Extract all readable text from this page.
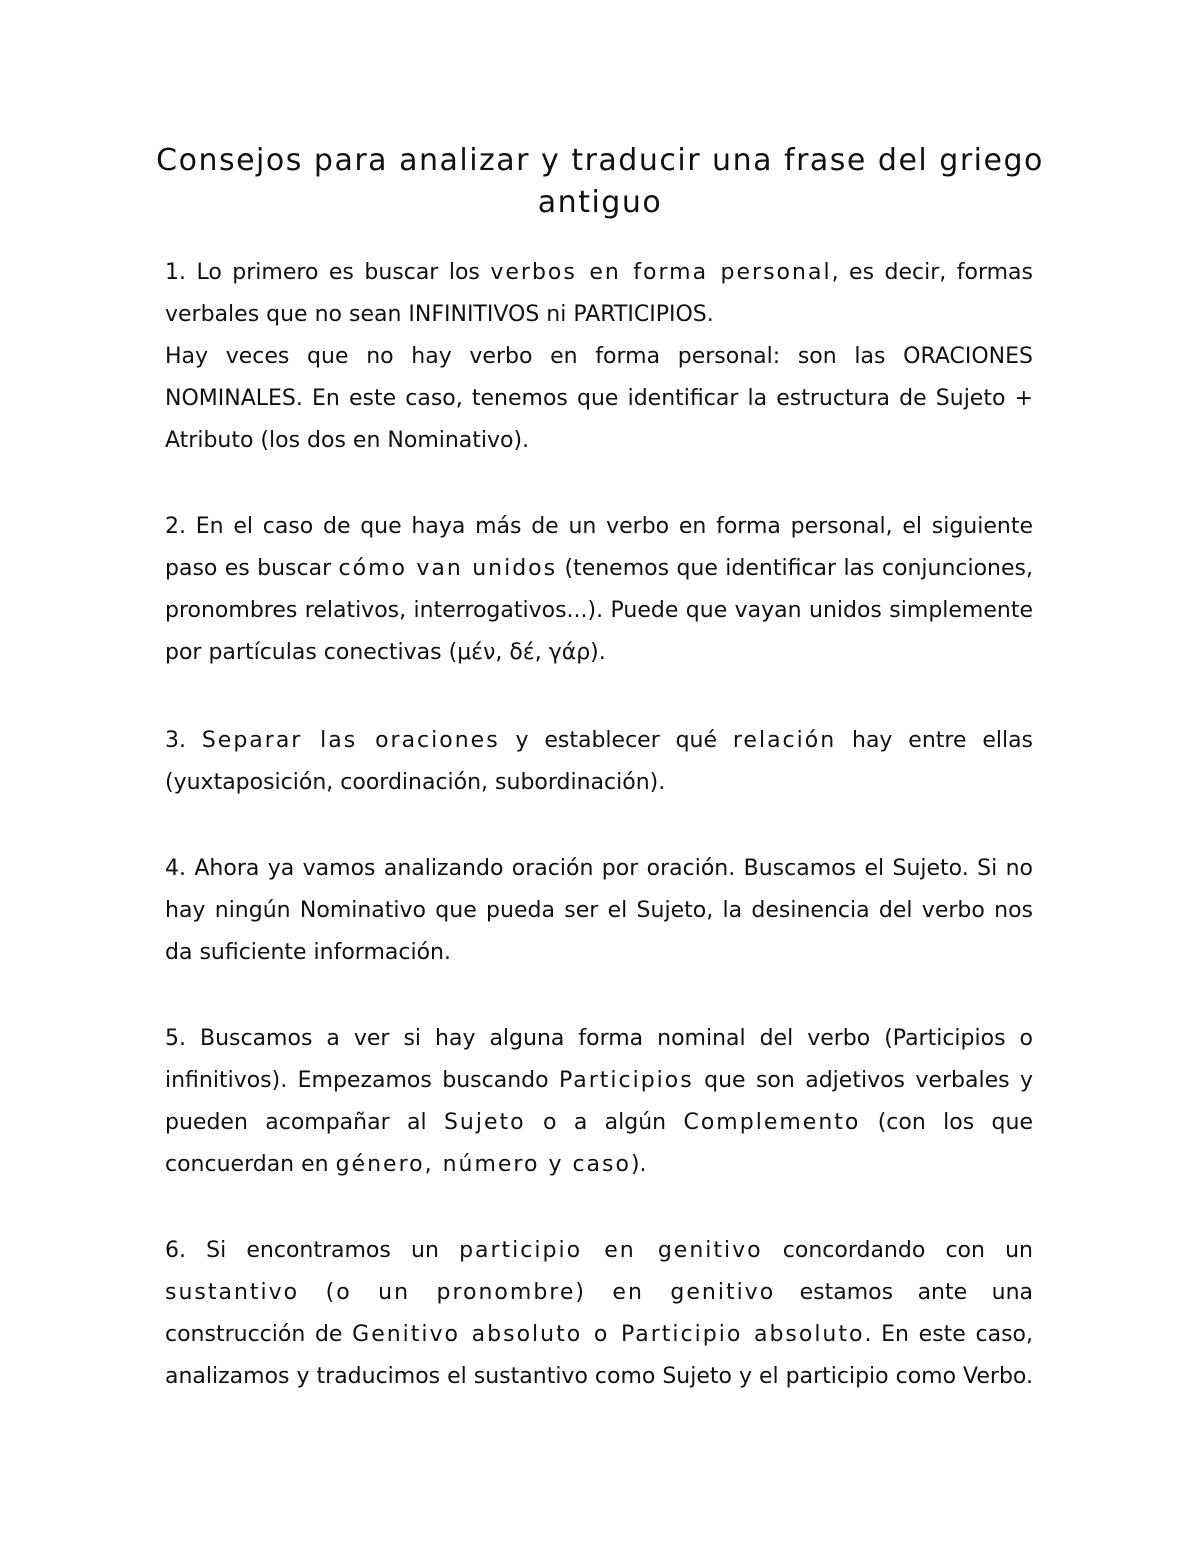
Consejos para analizar y traducir una frase del griego antiguo

1. Lo primero es buscar los verbos en forma personal, es decir, formas verbales que no sean INFINITIVOS ni PARTICIPIOS.
Hay veces que no hay verbo en forma personal: son las ORACIONES NOMINALES. En este caso, tenemos que identificar la estructura de Sujeto + Atributo (los dos en Nominativo).

2. En el caso de que haya más de un verbo en forma personal, el siguiente paso es buscar cómo van unidos (tenemos que identificar las conjunciones, pronombres relativos, interrogativos...). Puede que vayan unidos simplemente por partículas conectivas (μέν, δέ, γάρ).

3. Separar las oraciones y establecer qué relación hay entre ellas (yuxtaposición, coordinación, subordinación).

4. Ahora ya vamos analizando oración por oración. Buscamos el Sujeto. Si no hay ningún Nominativo que pueda ser el Sujeto, la desinencia del verbo nos da suficiente información.

5. Buscamos a ver si hay alguna forma nominal del verbo (Participios o infinitivos). Empezamos buscando Participios que son adjetivos verbales y pueden acompañar al Sujeto o a algún Complemento (con los que concuerdan en género, número y caso).

6. Si encontramos un participio en genitivo concordando con un sustantivo (o un pronombre) en genitivo estamos ante una construcción de Genitivo absoluto o Participio absoluto. En este caso, analizamos y traducimos el sustantivo como Sujeto y el participio como Verbo.
